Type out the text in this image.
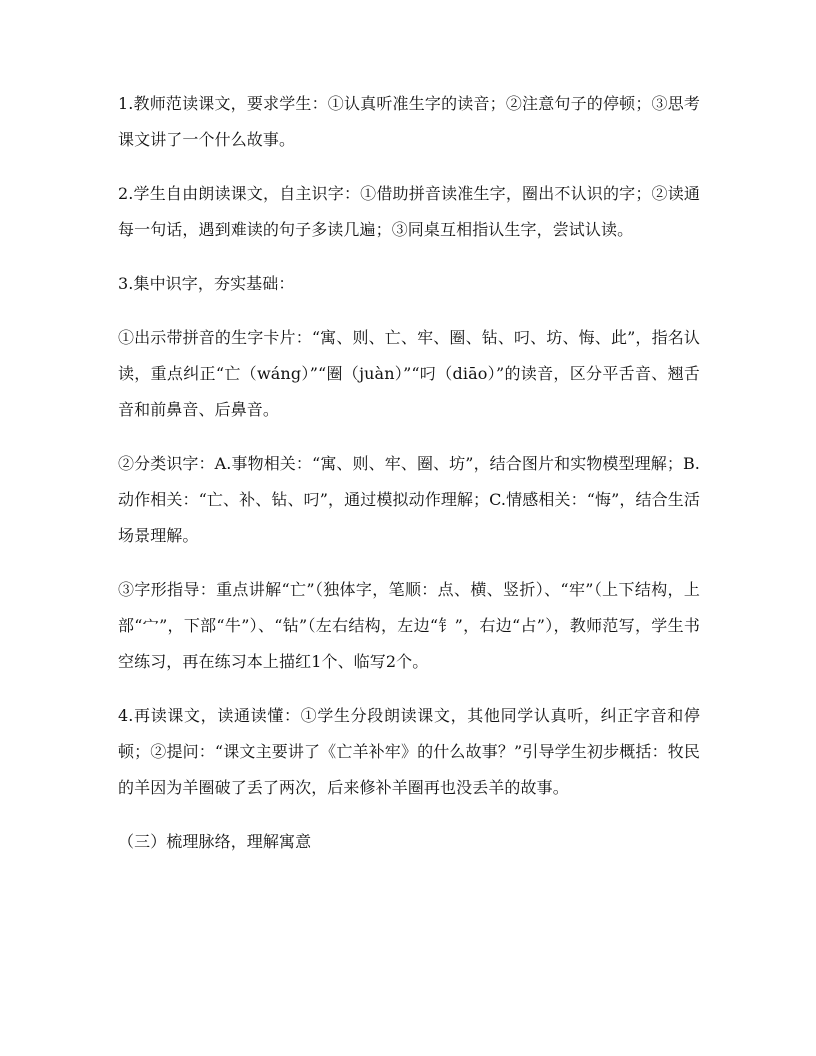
1.教师范读课文，要求学生：①认真听准生字的读音；②注意句子的停顿；③思考课文讲了一个什么故事。

2.学生自由朗读课文，自主识字：①借助拼音读准生字，圈出不认识的字；②读通每一句话，遇到难读的句子多读几遍；③同桌互相指认生字，尝试认读。

3.集中识字，夯实基础：

①出示带拼音的生字卡片：“寓、则、亡、牢、圈、钻、叼、坊、悔、此”，指名认读，重点纠正“亡（wáng）”“圈（juàn）”“叼（diāo）”的读音，区分平舌音、翘舌音和前鼻音、后鼻音。

②分类识字：A.事物相关：“寓、则、牢、圈、坊”，结合图片和实物模型理解；B.动作相关：“亡、补、钻、叼”，通过模拟动作理解；C.情感相关：“悔”，结合生活场景理解。

③字形指导：重点讲解“亡”（独体字，笔顺：点、横、竖折）、“牢”（上下结构，上部“宀”，下部“牛”）、“钻”（左右结构，左边“钅”，右边“占”），教师范写，学生书空练习，再在练习本上描红1个、临写2个。

4.再读课文，读通读懂：①学生分段朗读课文，其他同学认真听，纠正字音和停顿；②提问：“课文主要讲了《亡羊补牢》的什么故事？”引导学生初步概括：牧民的羊因为羊圈破了丢了两次，后来修补羊圈再也没丢羊的故事。

（三）梳理脉络，理解寓意
